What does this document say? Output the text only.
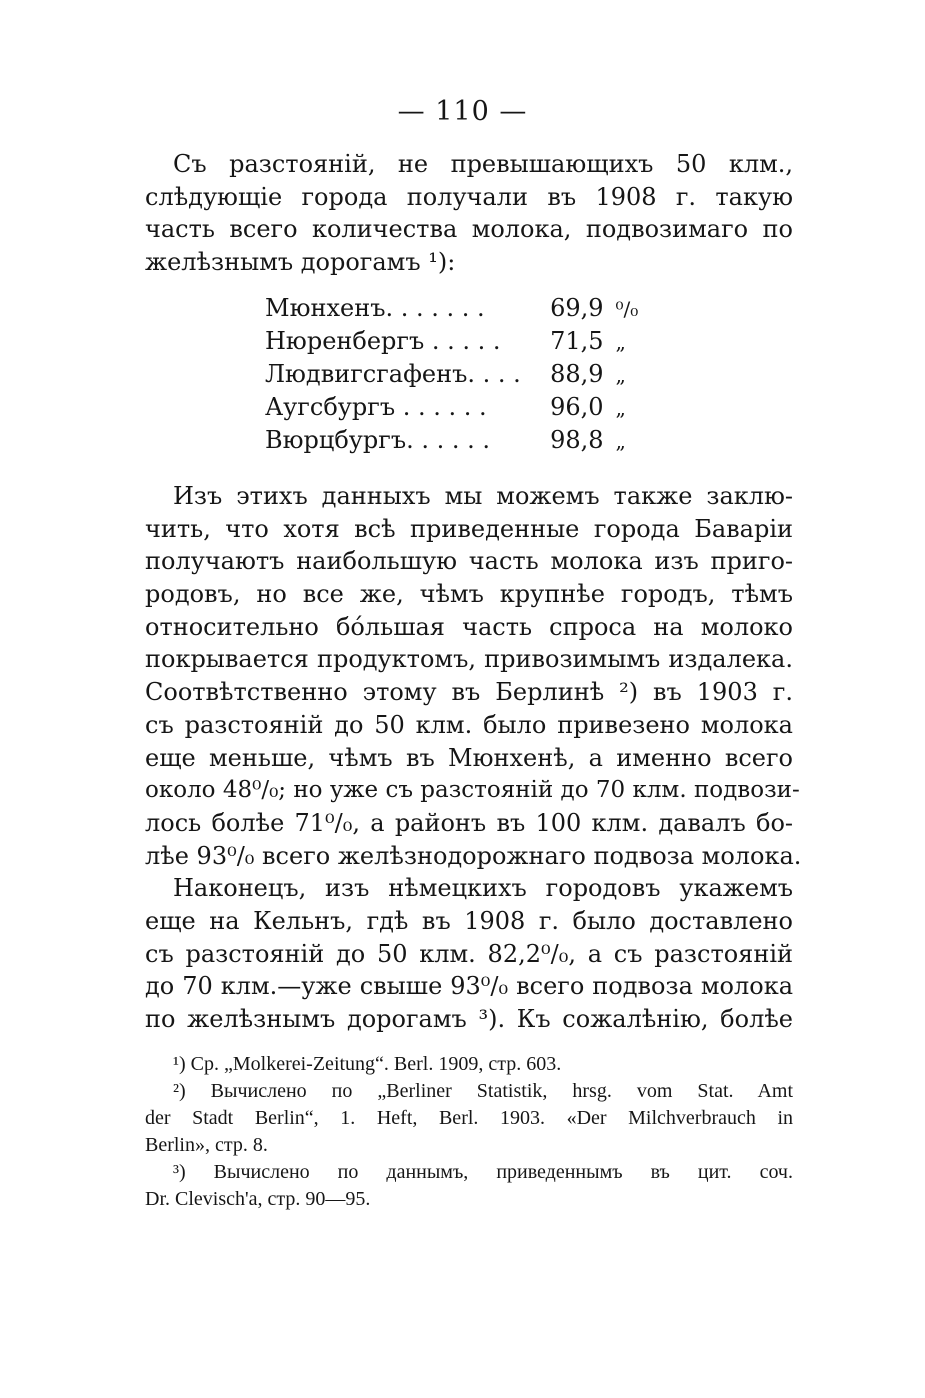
— 110 —
Съ разстояній, не превышающихъ 50 клм.,
слѣдующіе города получали въ 1908 г. такую
часть всего количества молока, подвозимаго по
желѣзнымъ дорогамъ ¹):
Мюнхенъ. . . . . . .	69,9 ⁰/₀
Нюренбергъ . . . . .	71,5 „
Людвигсгафенъ. . . .	88,9 „
Аугсбургъ . . . . . .	96,0 „
Вюрцбургъ. . . . . .	98,8 „
Изъ этихъ данныхъ мы можемъ также заклю-
чить, что хотя всѣ приведенные города Баваріи
получаютъ наибольшую часть молока изъ приго-
родовъ, но все же, чѣмъ крупнѣе городъ, тѣмъ
относительно бо́льшая часть спроса на молоко
покрывается продуктомъ, привозимымъ издалека.
Соотвѣтственно этому въ Берлинѣ ²) въ 1903 г.
съ разстояній до 50 клм. было привезено молока
еще меньше, чѣмъ въ Мюнхенѣ, а именно всего
около 48⁰/₀; но уже съ разстояній до 70 клм. подвози-
лось болѣе 71⁰/₀, а районъ въ 100 клм. давалъ бо-
лѣе 93⁰/₀ всего желѣзнодорожнаго подвоза молока.
Наконецъ, изъ нѣмецкихъ городовъ укажемъ
еще на Кельнъ, гдѣ въ 1908 г. было доставлено
съ разстояній до 50 клм. 82,2⁰/₀, а съ разстояній
до 70 клм.—уже свыше 93⁰/₀ всего подвоза молока
по желѣзнымъ дорогамъ ³). Къ сожалѣнію, болѣе
¹) Ср. „Molkerei-Zeitung“. Berl. 1909, стр. 603.
²) Вычислено по „Berliner Statistik, hrsg. vom Stat. Amt
der Stadt Berlin“, 1. Heft, Berl. 1903. «Der Milchverbrauch in
Berlin», стр. 8.
³) Вычислено по даннымъ, приведеннымъ въ цит. соч.
Dr. Clevisch'a, стр. 90—95.
